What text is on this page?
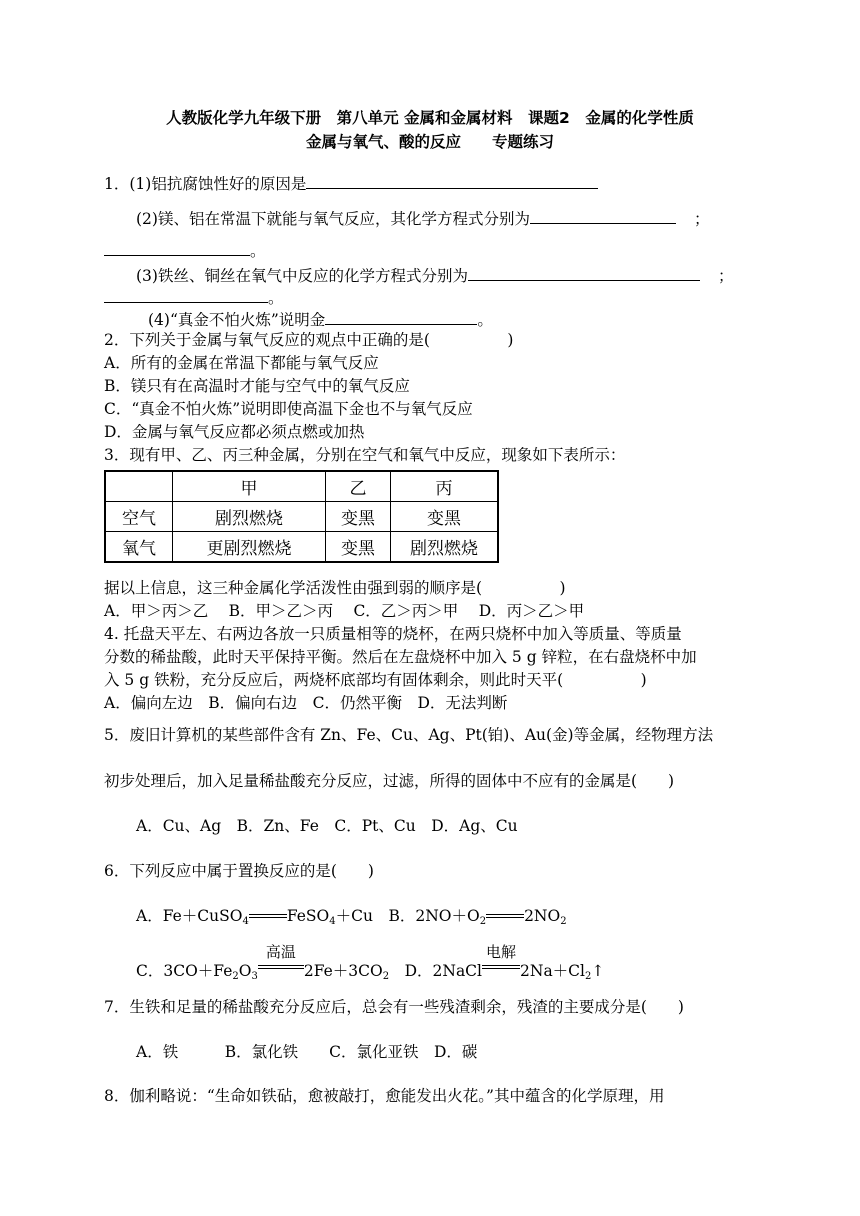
人教版化学九年级下册　第八单元 金属和金属材料　课题2　金属的化学性质
金属与氧气、酸的反应　　专题练习
1．(1)铝抗腐蚀性好的原因是
(2)镁、铝在常温下就能与氧气反应，其化学方程式分别为	；
。
(3)铁丝、铜丝在氧气中反应的化学方程式分别为	；
。
(4)“真金不怕火炼”说明金	。
2．下列关于金属与氧气反应的观点中正确的是(　　　　　)
A．所有的金属在常温下都能与氧气反应
B．镁只有在高温时才能与空气中的氧气反应
C．“真金不怕火炼”说明即使高温下金也不与氧气反应
D．金属与氧气反应都必须点燃或加热
3．现有甲、乙、丙三种金属，分别在空气和氧气中反应，现象如下表所示：
	甲	乙	丙
空气	剧烈燃烧	变黑	变黑
氧气	更剧烈燃烧	变黑	剧烈燃烧
据以上信息，这三种金属化学活泼性由强到弱的顺序是(　　　　　)
A．甲＞丙＞乙　 B．甲＞乙＞丙　 C．乙＞丙＞甲　 D．丙＞乙＞甲
4. 托盘天平左、右两边各放一只质量相等的烧杯，在两只烧杯中加入等质量、等质量
分数的稀盐酸，此时天平保持平衡。然后在左盘烧杯中加入 5 g 锌粒，在右盘烧杯中加
入 5 g 铁粉，充分反应后，两烧杯底部均有固体剩余，则此时天平(　　　　　)
A．偏向左边　B．偏向右边　C．仍然平衡　D．无法判断
5．废旧计算机的某些部件含有 Zn、Fe、Cu、Ag、Pt(铂)、Au(金)等金属，经物理方法
初步处理后，加入足量稀盐酸充分反应，过滤，所得的固体中不应有的金属是(　　)
A．Cu、Ag　B．Zn、Fe　C．Pt、Cu　D．Ag、Cu
6．下列反应中属于置换反应的是(　　)
A．Fe＋CuSO$_4$ FeSO$_4$＋Cu　B．$2NO+O_2$ $2NO_2$
C．$3CO+Fe_2O_3$
高温
$2Fe+3CO_2$　D．2NaCl
电解
$2Na+Cl_2↑$
7．生铁和足量的稀盐酸充分反应后，总会有一些残渣剩余，残渣的主要成分是(　　)
A．铁　　　B．氯化铁　　C．氯化亚铁　D．碳
8．伽利略说：“生命如铁砧，愈被敲打，愈能发出火花。”其中蕴含的化学原理，用
